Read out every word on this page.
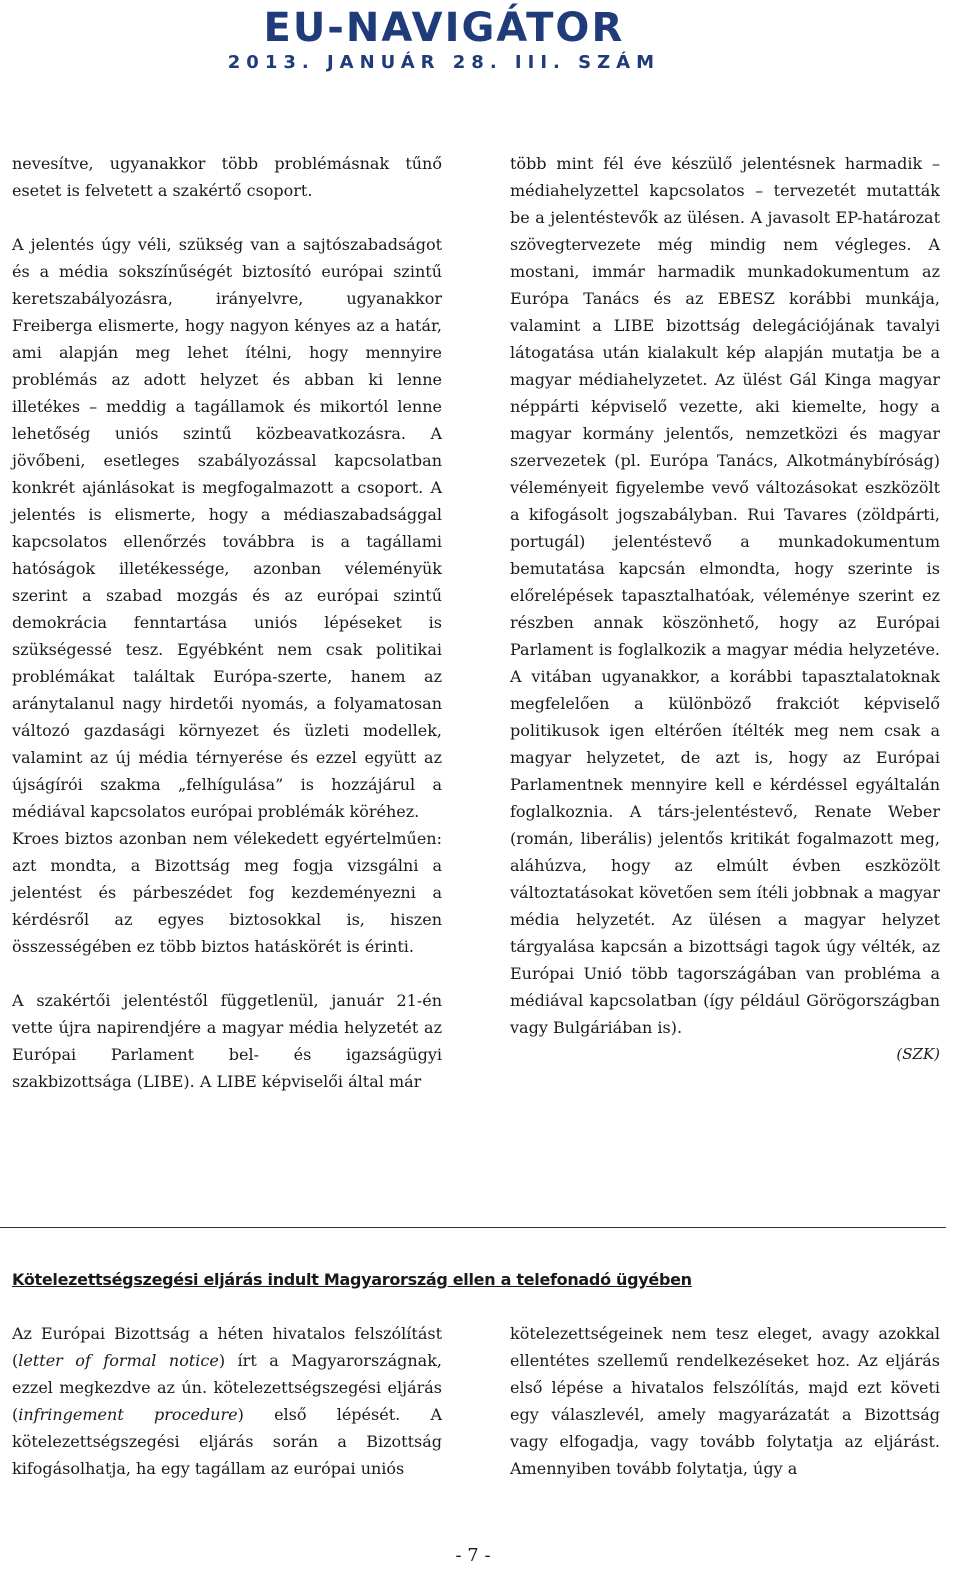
EU-NAVIGÁTOR
2013. JANUÁR 28. III. SZÁM

nevesítve, ugyanakkor több problémásnak tűnő esetet is felvetett a szakértő csoport.

A jelentés úgy véli, szükség van a sajtószabadságot és a média sokszínűségét biztosító európai szintű keretszabályozásra, irányelvre, ugyanakkor Freiberga elismerte, hogy nagyon kényes az a határ, ami alapján meg lehet ítélni, hogy mennyire problémás az adott helyzet és abban ki lenne illetékes – meddig a tagállamok és mikortól lenne lehetőség uniós szintű közbeavatkozásra. A jövőbeni, esetleges szabályozással kapcsolatban konkrét ajánlásokat is megfogalmazott a csoport. A jelentés is elismerte, hogy a médiaszabadsággal kapcsolatos ellenőrzés továbbra is a tagállami hatóságok illetékessége, azonban véleményük szerint a szabad mozgás és az európai szintű demokrácia fenntartása uniós lépéseket is szükségessé tesz. Egyébként nem csak politikai problémákat találtak Európa-szerte, hanem az aránytalanul nagy hirdetői nyomás, a folyamatosan változó gazdasági környezet és üzleti modellek, valamint az új média térnyerése és ezzel együtt az újságírói szakma „felhígulása” is hozzájárul a médiával kapcsolatos európai problémák köréhez.

Kroes biztos azonban nem vélekedett egyértelműen: azt mondta, a Bizottság meg fogja vizsgálni a jelentést és párbeszédet fog kezdeményezni a kérdésről az egyes biztosokkal is, hiszen összességében ez több biztos hatáskörét is érinti.

A szakértői jelentéstől függetlenül, január 21-én vette újra napirendjére a magyar média helyzetét az Európai Parlament bel- és igazságügyi szakbizottsága (LIBE). A LIBE képviselői által már

több mint fél éve készülő jelentésnek harmadik – médiahelyzettel kapcsolatos – tervezetét mutatták be a jelentéstevők az ülésen. A javasolt EP-határozat szövegtervezete még mindig nem végleges. A mostani, immár harmadik munkadokumentum az Európa Tanács és az EBESZ korábbi munkája, valamint a LIBE bizottság delegációjának tavalyi látogatása után kialakult kép alapján mutatja be a magyar médiahelyzetet. Az ülést Gál Kinga magyar néppárti képviselő vezette, aki kiemelte, hogy a magyar kormány jelentős, nemzetközi és magyar szervezetek (pl. Európa Tanács, Alkotmánybíróság) véleményeit figyelembe vevő változásokat eszközölt a kifogásolt jogszabályban. Rui Tavares (zöldpárti, portugál) jelentéstevő a munkadokumentum bemutatása kapcsán elmondta, hogy szerinte is előrelépések tapasztalhatóak, véleménye szerint ez részben annak köszönhető, hogy az Európai Parlament is foglalkozik a magyar média helyzetéve. A vitában ugyanakkor, a korábbi tapasztalatoknak megfelelően a különböző frakciót képviselő politikusok igen eltérően ítélték meg nem csak a magyar helyzetet, de azt is, hogy az Európai Parlamentnek mennyire kell e kérdéssel egyáltalán foglalkoznia. A társ-jelentéstevő, Renate Weber (román, liberális) jelentős kritikát fogalmazott meg, aláhúzva, hogy az elmúlt évben eszközölt változtatásokat követően sem ítéli jobbnak a magyar média helyzetét. Az ülésen a magyar helyzet tárgyalása kapcsán a bizottsági tagok úgy vélték, az Európai Unió több tagországában van probléma a médiával kapcsolatban (így például Görögországban vagy Bulgáriában is).

(SZK)

Kötelezettségszegési eljárás indult Magyarország ellen a telefonadó ügyében

Az Európai Bizottság a héten hivatalos felszólítást (letter of formal notice) írt a Magyarországnak, ezzel megkezdve az ún. kötelezettségszegési eljárás (infringement procedure) első lépését. A kötelezettségszegési eljárás során a Bizottság kifogásolhatja, ha egy tagállam az európai uniós

kötelezettségeinek nem tesz eleget, avagy azokkal ellentétes szellemű rendelkezéseket hoz. Az eljárás első lépése a hivatalos felszólítás, majd ezt követi egy válaszlevél, amely magyarázatát a Bizottság vagy elfogadja, vagy tovább folytatja az eljárást. Amennyiben tovább folytatja, úgy a

- 7 -
